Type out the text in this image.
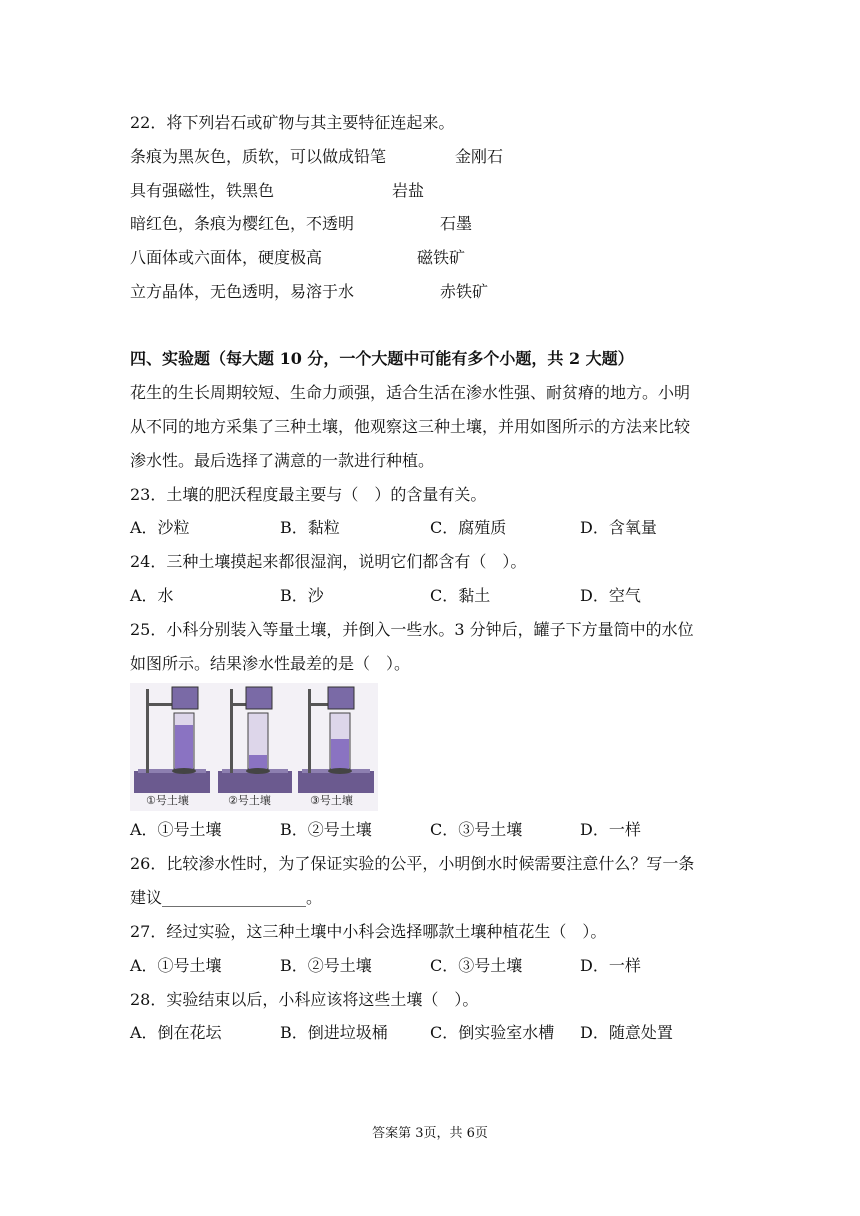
22．将下列岩石或矿物与其主要特征连起来。
条痕为黑灰色，质软，可以做成铅笔	金刚石
具有强磁性，铁黑色	岩盐
暗红色，条痕为樱红色，不透明	石墨
八面体或六面体，硬度极高	磁铁矿
立方晶体，无色透明，易溶于水	赤铁矿
四、实验题（每大题 10 分，一个大题中可能有多个小题，共 2 大题）
花生的生长周期较短、生命力顽强，适合生活在渗水性强、耐贫瘠的地方。小明
从不同的地方采集了三种土壤，他观察这三种土壤，并用如图所示的方法来比较
渗水性。最后选择了满意的一款进行种植。
23．土壤的肥沃程度最主要与（　）的含量有关。
A．沙粒	B．黏粒	C．腐殖质	D．含氧量
24．三种土壤摸起来都很湿润，说明它们都含有（　）。
A．水	B．沙	C．黏土	D．空气
25．小科分别装入等量土壤，并倒入一些水。3 分钟后，罐子下方量筒中的水位
如图所示。结果渗水性最差的是（　）。
①号土壤	②号土壤	③号土壤
A．①号土壤	B．②号土壤	C．③号土壤	D．一样
26．比较渗水性时，为了保证实验的公平，小明倒水时候需要注意什么？写一条
建议__________________。
27．经过实验，这三种土壤中小科会选择哪款土壤种植花生（　）。
A．①号土壤	B．②号土壤	C．③号土壤	D．一样
28．实验结束以后，小科应该将这些土壤（　）。
A．倒在花坛	B．倒进垃圾桶	C．倒实验室水槽 D．随意处置
答案第 3页，共 6页
